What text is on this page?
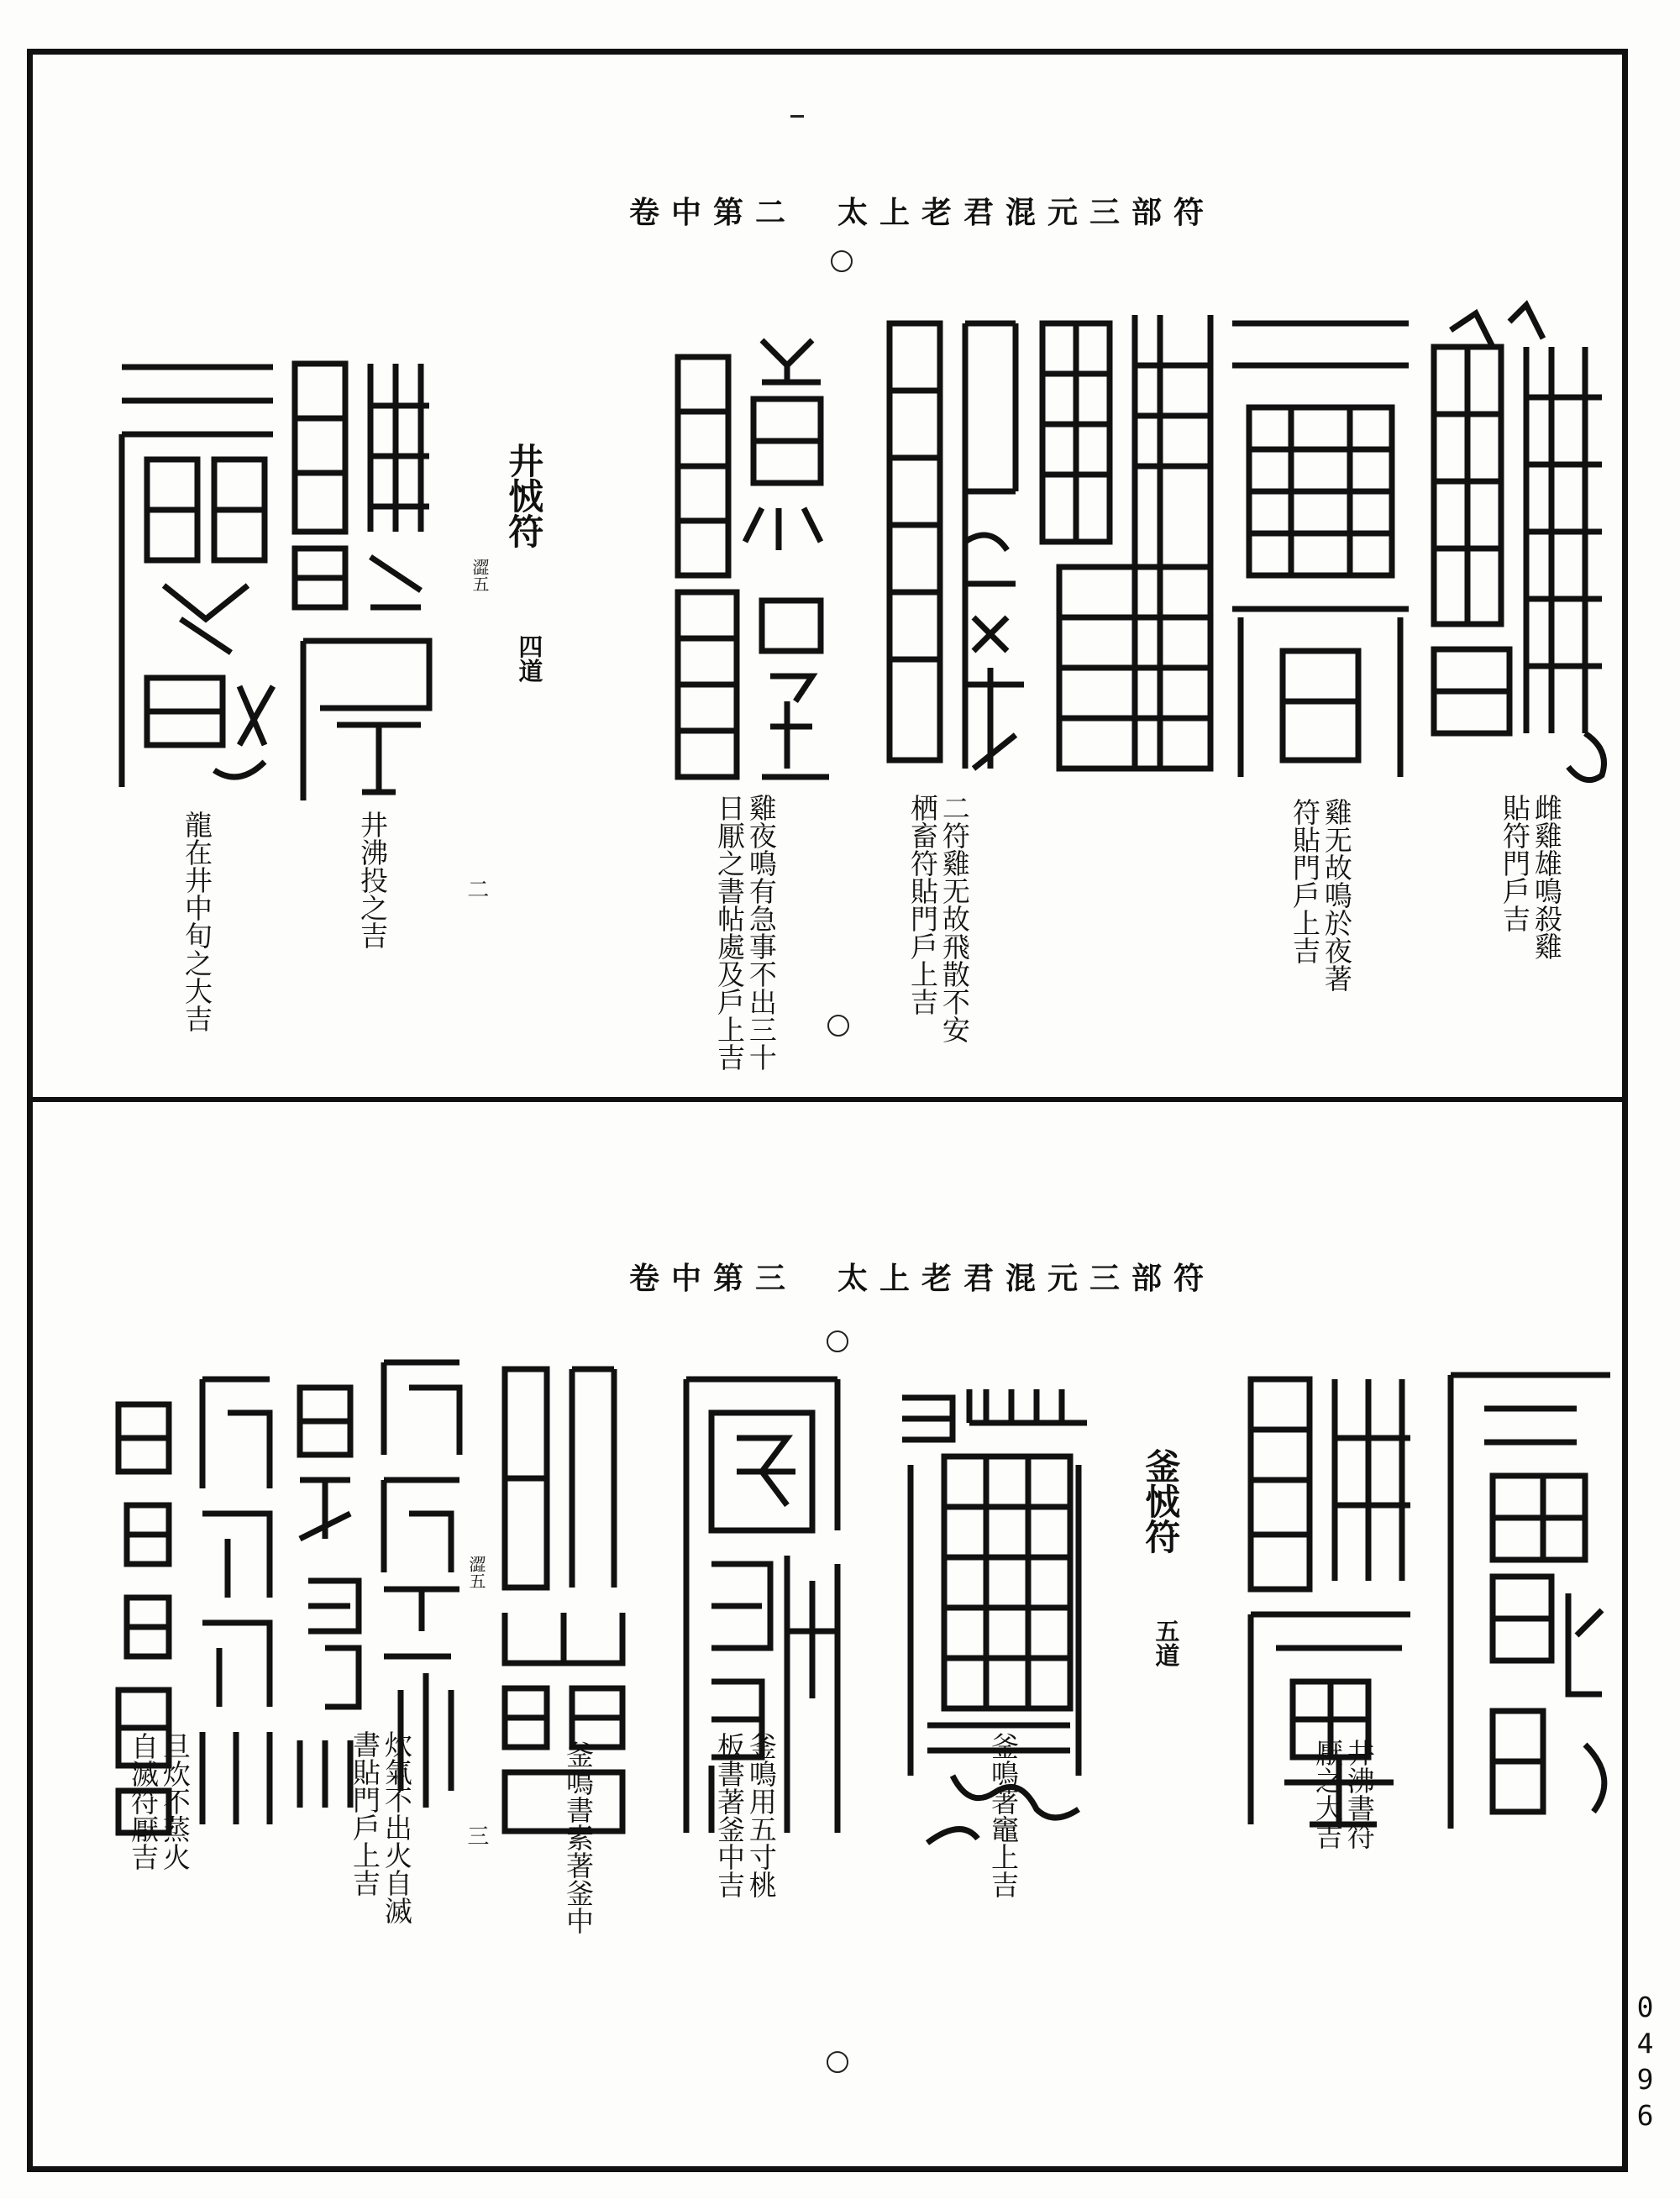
太上老君混元三部符卷中第二
井㤜符
四道
澀五
雌雞雄鳴殺雞
貼符門戶吉
雞无故鳴於夜著
符貼門戶上吉
二符雞无故飛散不安
栖畜符貼門戶上吉
雞夜鳴有急事不出三十
日厭之書帖處及戶上吉
井沸投之吉
龍在井中旬之大吉	二
太上老君混元三部符卷中第三
釜㤜符
五道
澀五
井沸書符
厭之大吉
釜鳴著竈上吉
釜鳴用五寸桃
板書著釜中吉
釜鳴書素著釜中
炊氣不出火自滅
書貼門戶上吉
旦炊不蒸火
自滅符厭吉	三
0496
